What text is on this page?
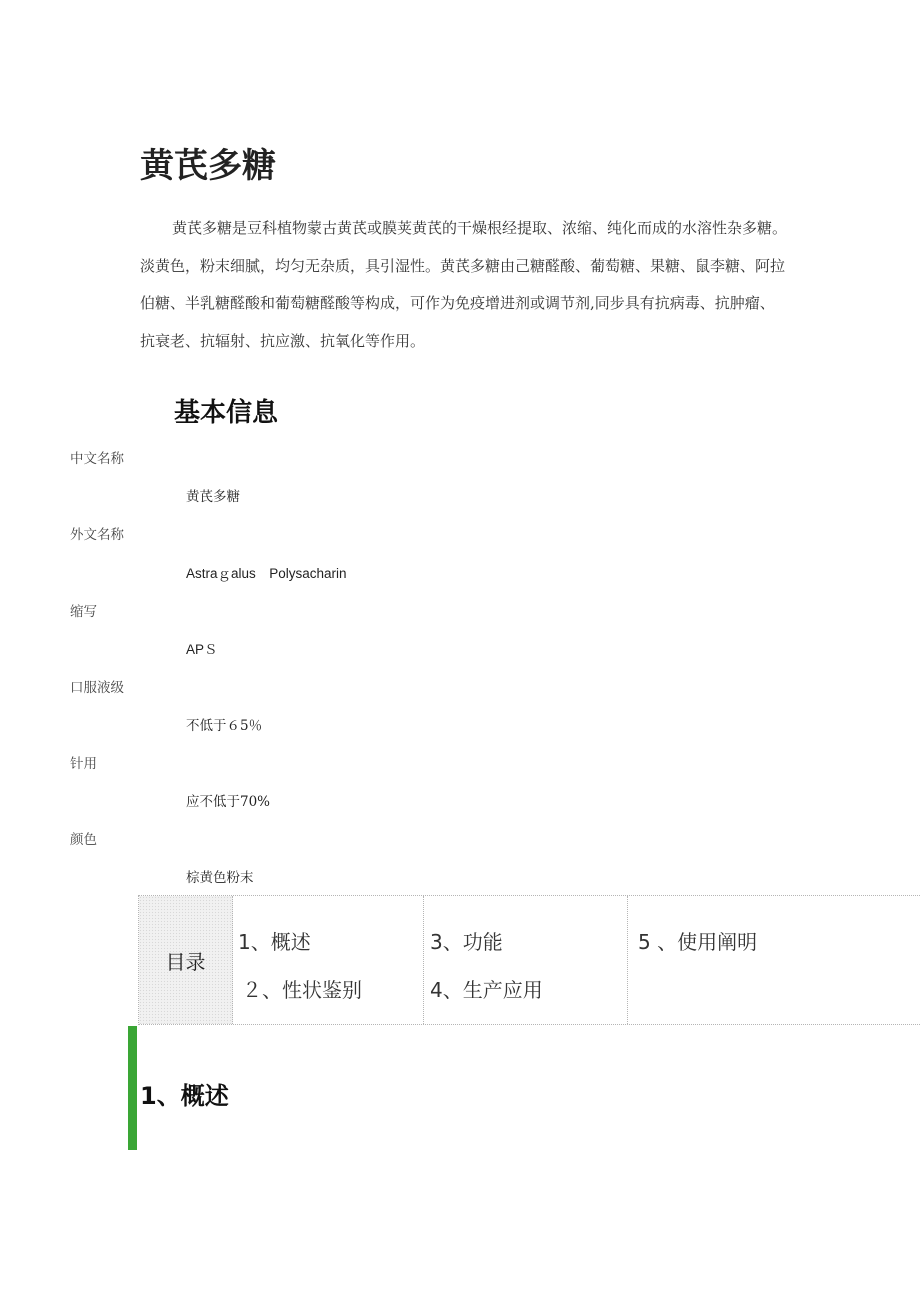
黄芪多糖

黄芪多糖是豆科植物蒙古黄芪或膜荚黄芪的干燥根经提取、浓缩、纯化而成的水溶性杂多糖。淡黄色，粉末细腻，均匀无杂质，具引湿性。黄芪多糖由己糖醛酸、葡萄糖、果糖、鼠李糖、阿拉伯糖、半乳糖醛酸和葡萄糖醛酸等构成，可作为免疫增进剂或调节剂,同步具有抗病毒、抗肿瘤、抗衰老、抗辐射、抗应激、抗氧化等作用。

基本信息
中文名称
黄芪多糖
外文名称
Astraｇalus　Polysacharin
缩写
APＳ
口服液级
不低于６5％
针用
应不低于70%
颜色
棕黄色粉末
目录
1、概述
２、性状鉴别
3、功能
4、生产应用
5 、使用阐明
1、概述
